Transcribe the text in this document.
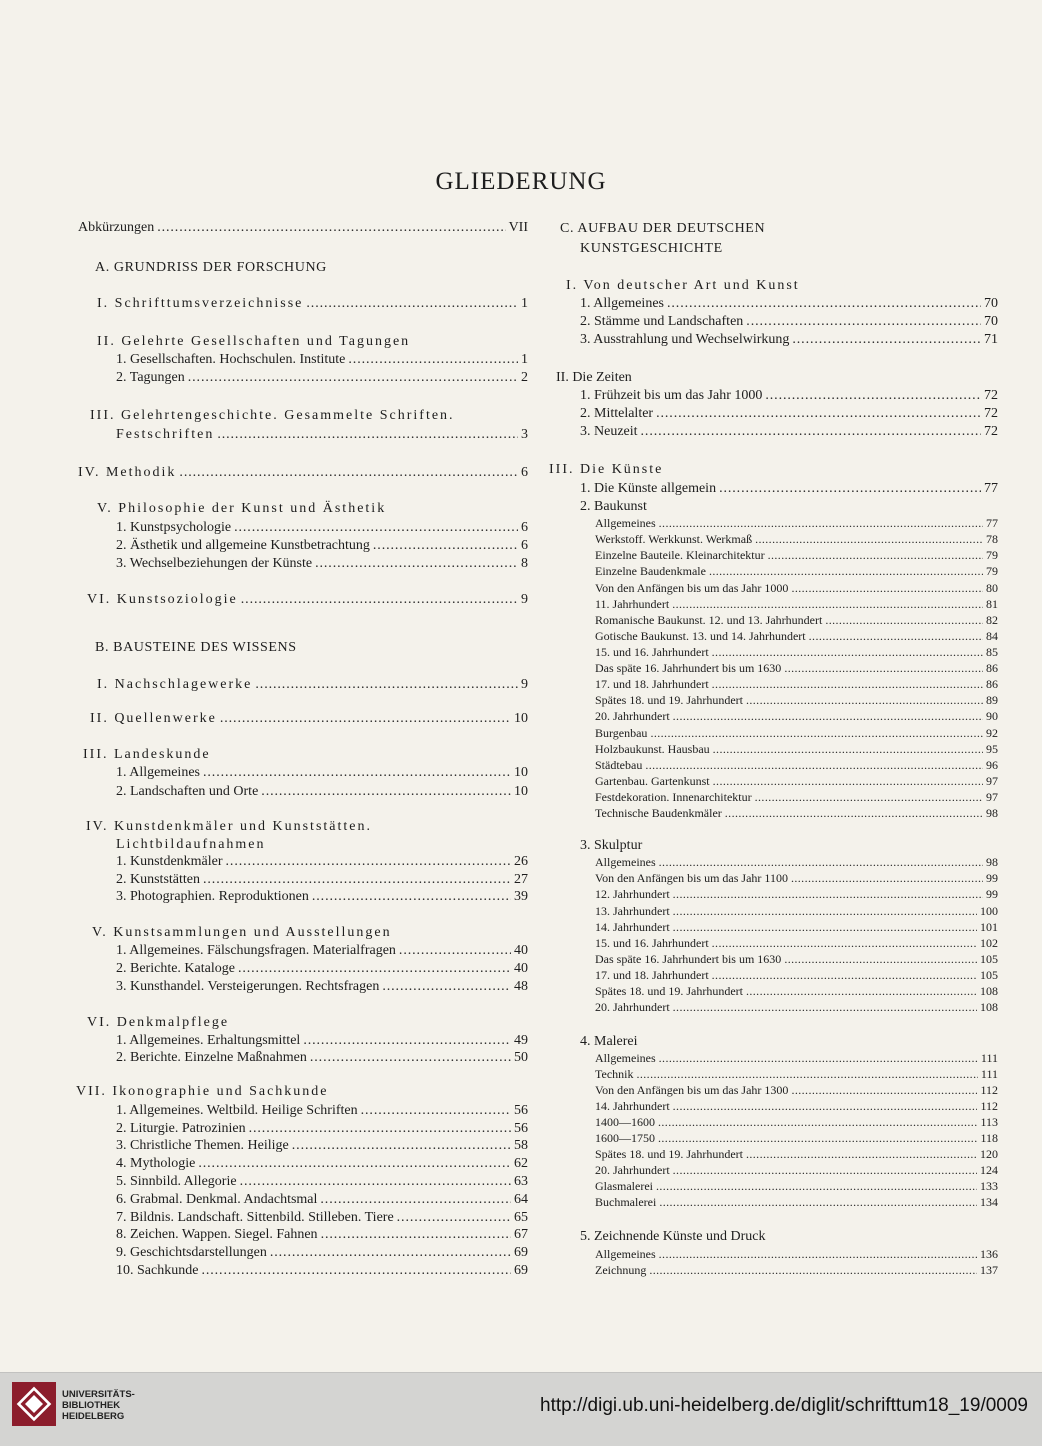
GLIEDERUNG
Abkürzungen . . .	VII
A. GRUNDRISS DER FORSCHUNG
I. Schrifttumsverzeichnisse . . .	1
II. Gelehrte Gesellschaften und Tagungen
1. Gesellschaften. Hochschulen. Institute . . .	1
2. Tagungen . . .	2
III. Gelehrtengeschichte. Gesammelte Schriften.
Festschriften . . .	3
IV. Methodik . . .	6
V. Philosophie der Kunst und Ästhetik
1. Kunstpsychologie . . .	6
2. Ästhetik und allgemeine Kunstbetrachtung . . .	6
3. Wechselbeziehungen der Künste . . .	8
VI. Kunstsoziologie . . .	9
B. BAUSTEINE DES WISSENS
I. Nachschlagewerke . . .	9
II. Quellenwerke . . .	10
III. Landeskunde
1. Allgemeines . . .	10
2. Landschaften und Orte . . .	10
IV. Kunstdenkmäler und Kunststätten.
Lichtbildaufnahmen
1. Kunstdenkmäler . . .	26
2. Kunststätten . . .	27
3. Photographien. Reproduktionen . . .	39
V. Kunstsammlungen und Ausstellungen
1. Allgemeines. Fälschungsfragen. Materialfragen . . .	40
2. Berichte. Kataloge . . .	40
3. Kunsthandel. Versteigerungen. Rechtsfragen . . .	48
VI. Denkmalpflege
1. Allgemeines. Erhaltungsmittel . . .	49
2. Berichte. Einzelne Maßnahmen . . .	50
VII. Ikonographie und Sachkunde
1. Allgemeines. Weltbild. Heilige Schriften . . .	56
2. Liturgie. Patrozinien . . .	56
3. Christliche Themen. Heilige . . .	58
4. Mythologie . . .	62
5. Sinnbild. Allegorie . . .	63
6. Grabmal. Denkmal. Andachtsmal . . .	64
7. Bildnis. Landschaft. Sittenbild. Stilleben. Tiere . . .	65
8. Zeichen. Wappen. Siegel. Fahnen . . .	67
9. Geschichtsdarstellungen . . .	69
10. Sachkunde . . .	69
C. AUFBAU DER DEUTSCHEN
KUNSTGESCHICHTE
I. Von deutscher Art und Kunst
1. Allgemeines . . .	70
2. Stämme und Landschaften . . .	70
3. Ausstrahlung und Wechselwirkung . . .	71
II. Die Zeiten
1. Frühzeit bis um das Jahr 1000 . . .	72
2. Mittelalter . . .	72
3. Neuzeit . . .	72
III. Die Künste
1. Die Künste allgemein . . .	77
2. Baukunst
Allgemeines . . .	77
Werkstoff. Werkkunst. Werkmaß . . .	78
Einzelne Bauteile. Kleinarchitektur . . .	79
Einzelne Baudenkmale . . .	79
Von den Anfängen bis um das Jahr 1000 . . .	80
11. Jahrhundert . . .	81
Romanische Baukunst. 12. und 13. Jahrhundert . . .	82
Gotische Baukunst. 13. und 14. Jahrhundert . . .	84
15. und 16. Jahrhundert . . .	85
Das späte 16. Jahrhundert bis um 1630 . . .	86
17. und 18. Jahrhundert . . .	86
Spätes 18. und 19. Jahrhundert . . .	89
20. Jahrhundert . . .	90
Burgenbau . . .	92
Holzbaukunst. Hausbau . . .	95
Städtebau . . .	96
Gartenbau. Gartenkunst . . .	97
Festdekoration. Innenarchitektur . . .	97
Technische Baudenkmäler . . .	98
3. Skulptur
Allgemeines . . .	98
Von den Anfängen bis um das Jahr 1100 . . .	99
12. Jahrhundert . . .	99
13. Jahrhundert . . .	100
14. Jahrhundert . . .	101
15. und 16. Jahrhundert . . .	102
Das späte 16. Jahrhundert bis um 1630 . . .	105
17. und 18. Jahrhundert . . .	105
Spätes 18. und 19. Jahrhundert . . .	108
20. Jahrhundert . . .	108
4. Malerei
Allgemeines . . .	111
Technik . . .	111
Von den Anfängen bis um das Jahr 1300 . . .	112
14. Jahrhundert . . .	112
1400—1600 . . .	113
1600—1750 . . .	118
Spätes 18. und 19. Jahrhundert . . .	120
20. Jahrhundert . . .	124
Glasmalerei . . .	133
Buchmalerei . . .	134
5. Zeichnende Künste und Druck
Allgemeines . . .	136
Zeichnung . . .	137
UNIVERSITÄTS-
BIBLIOTHEK
HEIDELBERG
http://digi.ub.uni-heidelberg.de/diglit/schrifttum18_19/0009
